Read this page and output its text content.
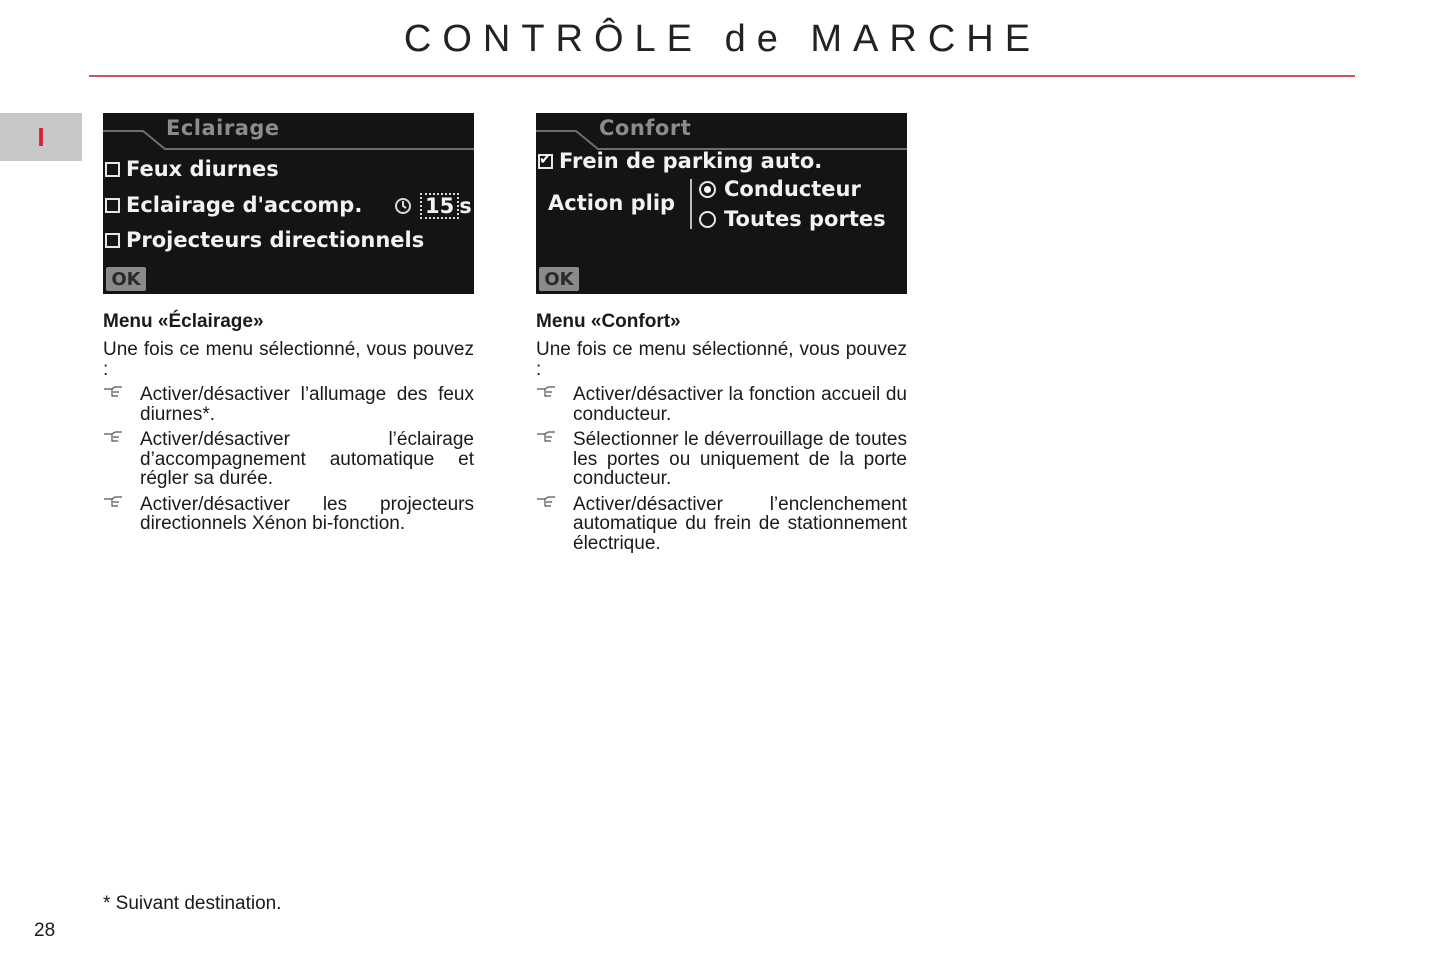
CONTRÔLE de MARCHE
I	Eclairage
Feux diurnes
Eclairage d'accomp.	15 s
Projecteurs directionnels
OK
Confort
✔
Frein de parking auto.
Action plip
Conducteur
Toutes portes
OK
Menu «Éclairage»

Une fois ce menu sélectionné, vous pouvez :

Activer/désactiver l’allumage des feux diurnes*.
Activer/désactiver l’éclairage d’accompagnement automatique et régler sa durée.
Activer/désactiver les projecteurs directionnels Xénon bi-fonction.
Menu «Confort»

Une fois ce menu sélectionné, vous pouvez :

Activer/désactiver la fonction accueil du conducteur.
Sélectionner le déverrouillage de toutes les portes ou uniquement de la porte conducteur.
Activer/désactiver l’enclenchement automatique du frein de stationnement électrique.
* Suivant destination.
28
